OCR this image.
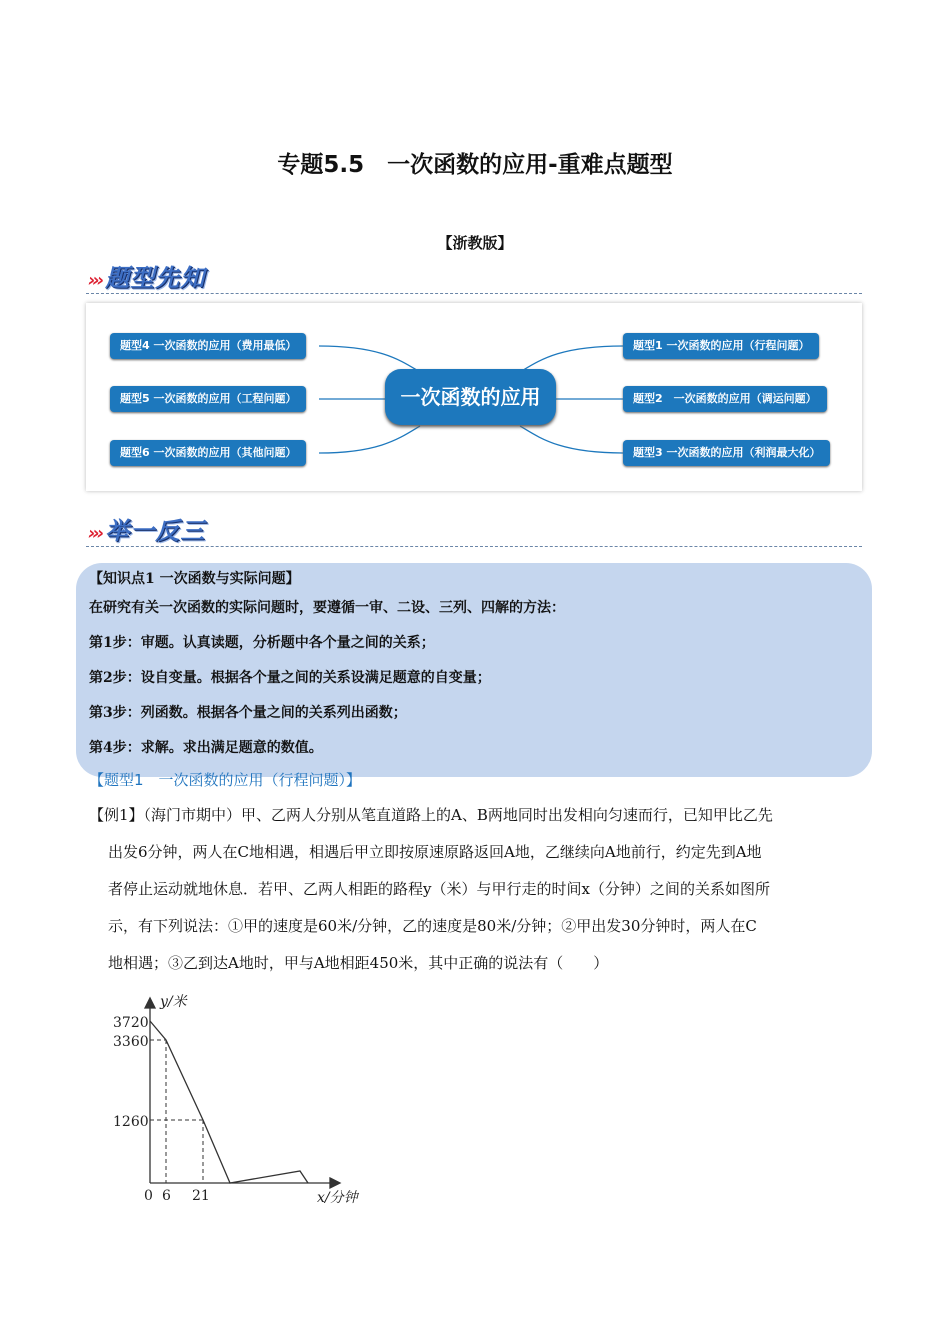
专题5.5　一次函数的应用-重难点题型
【浙教版】
››› 题型先知
题型4 一次函数的应用（费用最低）
题型5 一次函数的应用（工程问题）
题型6 一次函数的应用（其他问题）
题型1 一次函数的应用（行程问题）
题型2　一次函数的应用（调运问题）
题型3 一次函数的应用（利润最大化）
一次函数的应用
››› 举一反三
【知识点1 一次函数与实际问题】
在研究有关一次函数的实际问题时，要遵循一审、二设、三列、四解的方法：
第1步：审题。认真读题，分析题中各个量之间的关系；
第2步：设自变量。根据各个量之间的关系设满足题意的自变量；
第3步：列函数。根据各个量之间的关系列出函数；
第4步：求解。求出满足题意的数值。
【题型1　一次函数的应用（行程问题）】
【例1】（海门市期中）甲、乙两人分别从笔直道路上的A、B两地同时出发相向匀速而行，已知甲比乙先
出发6分钟，两人在C地相遇，相遇后甲立即按原速原路返回A地，乙继续向A地前行，约定先到A地
者停止运动就地休息．若甲、乙两人相距的路程y（米）与甲行走的时间x（分钟）之间的关系如图所
示，有下列说法：①甲的速度是60米/分钟，乙的速度是80米/分钟；②甲出发30分钟时，两人在C
地相遇；③乙到达A地时，甲与A地相距450米，其中正确的说法有（　　）
y/米
x/分钟
3720
3360
1260
0 6 21
